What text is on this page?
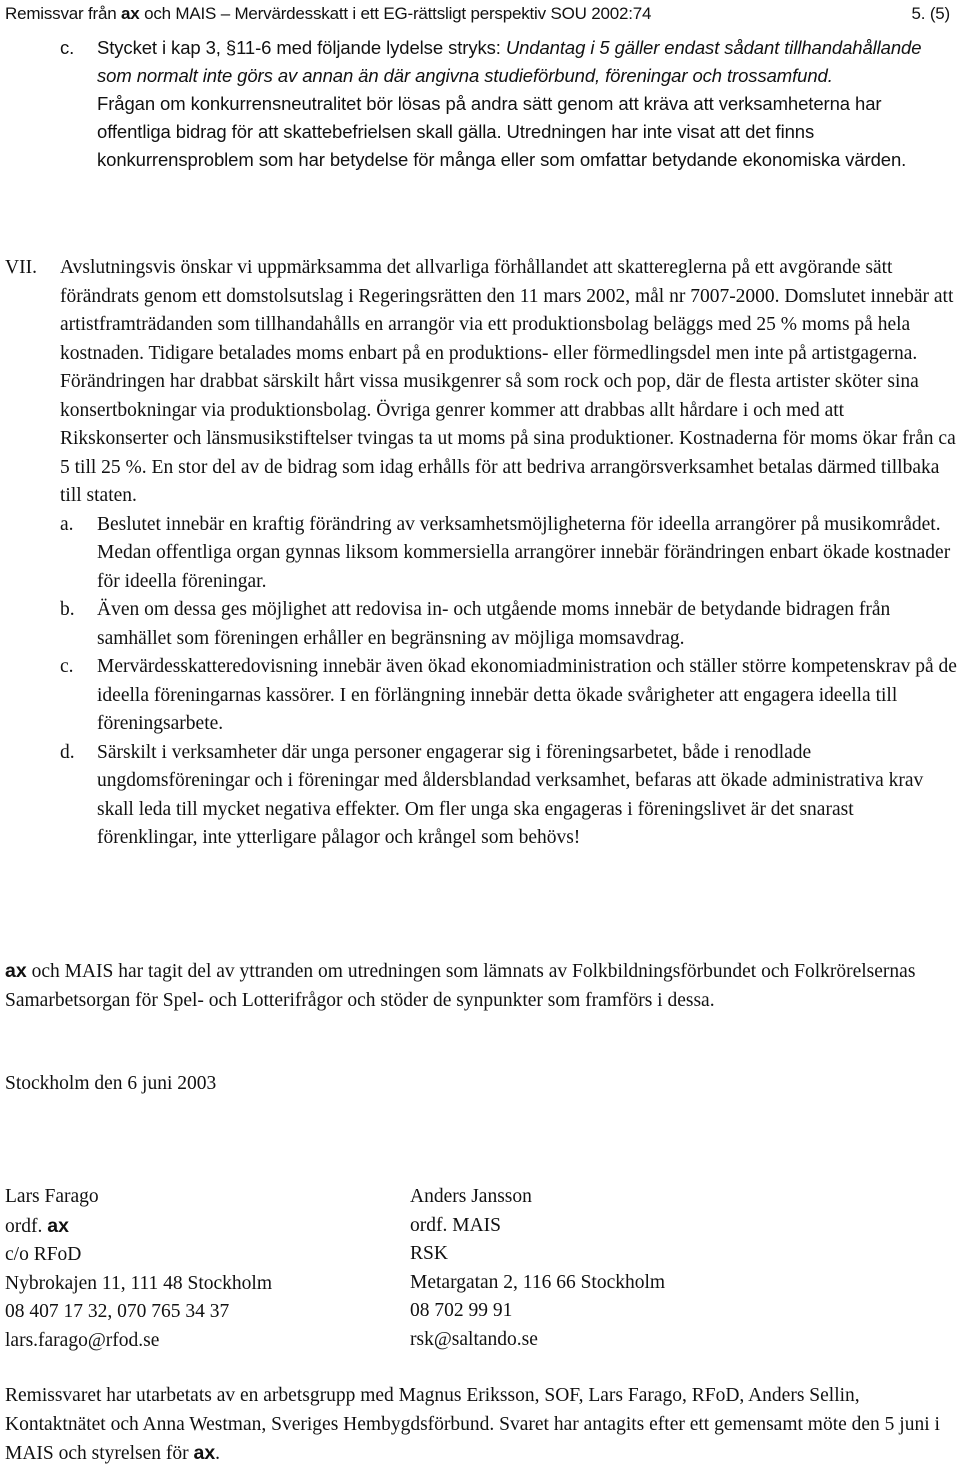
Remissvar från ax och MAIS – Mervärdesskatt i ett EG-rättsligt perspektiv SOU 2002:74	5. (5)
c. Stycket i kap 3, §11-6 med följande lydelse stryks: Undantag i 5 gäller endast sådant tillhandahållande som normalt inte görs av annan än där angivna studieförbund, föreningar och trossamfund.

Frågan om konkurrensneutralitet bör lösas på andra sätt genom att kräva att verksamheterna har offentliga bidrag för att skattebefrielsen skall gälla. Utredningen har inte visat att det finns konkurrensproblem som har betydelse för många eller som omfattar betydande ekonomiska värden.

VII. Avslutningsvis önskar vi uppmärksamma det allvarliga förhållandet att skattereglerna på ett avgörande sätt förändrats genom ett domstolsutslag i Regeringsrätten den 11 mars 2002, mål nr 7007-2000. Domslutet innebär att artistframträdanden som tillhandahålls en arrangör via ett produktionsbolag beläggs med 25 % moms på hela kostnaden. Tidigare betalades moms enbart på en produktions- eller förmedlingsdel men inte på artistgagerna. Förändringen har drabbat särskilt hårt vissa musikgenrer så som rock och pop, där de flesta artister sköter sina konsertbokningar via produktionsbolag. Övriga genrer kommer att drabbas allt hårdare i och med att Rikskonserter och länsmusikstiftelser tvingas ta ut moms på sina produktioner. Kostnaderna för moms ökar från ca 5 till 25 %. En stor del av de bidrag som idag erhålls för att bedriva arrangörsverksamhet betalas därmed tillbaka till staten.

a. Beslutet innebär en kraftig förändring av verksamhetsmöjligheterna för ideella arrangörer på musikområdet. Medan offentliga organ gynnas liksom kommersiella arrangörer innebär förändringen enbart ökade kostnader för ideella föreningar.

b. Även om dessa ges möjlighet att redovisa in- och utgående moms innebär de betydande bidragen från samhället som föreningen erhåller en begränsning av möjliga momsavdrag.

c. Mervärdesskatteredovisning innebär även ökad ekonomiadministration och ställer större kompetenskrav på de ideella föreningarnas kassörer. I en förlängning innebär detta ökade svårigheter att engagera ideella till föreningsarbete.

d. Särskilt i verksamheter där unga personer engagerar sig i föreningsarbetet, både i renodlade ungdomsföreningar och i föreningar med åldersblandad verksamhet, befaras att ökade administrativa krav skall leda till mycket negativa effekter. Om fler unga ska engageras i föreningslivet är det snarast förenklingar, inte ytterligare pålagor och krångel som behövs!

ax och MAIS har tagit del av yttranden om utredningen som lämnats av Folkbildningsförbundet och Folkrörelsernas Samarbetsorgan för Spel- och Lotterifrågor och stöder de synpunkter som framförs i dessa.

Stockholm den 6 juni 2003

Lars Farago
ordf. ax
c/o RFoD
Nybrokajen 11, 111 48 Stockholm
08 407 17 32, 070 765 34 37
lars.farago@rfod.se
Anders Jansson
ordf. MAIS
RSK
Metargatan 2, 116 66 Stockholm
08 702 99 91
rsk@saltando.se

Remissvaret har utarbetats av en arbetsgrupp med Magnus Eriksson, SOF, Lars Farago, RFoD, Anders Sellin, Kontaktnätet och Anna Westman, Sveriges Hembygdsförbund. Svaret har antagits efter ett gemensamt möte den 5 juni i MAIS och styrelsen för ax.
